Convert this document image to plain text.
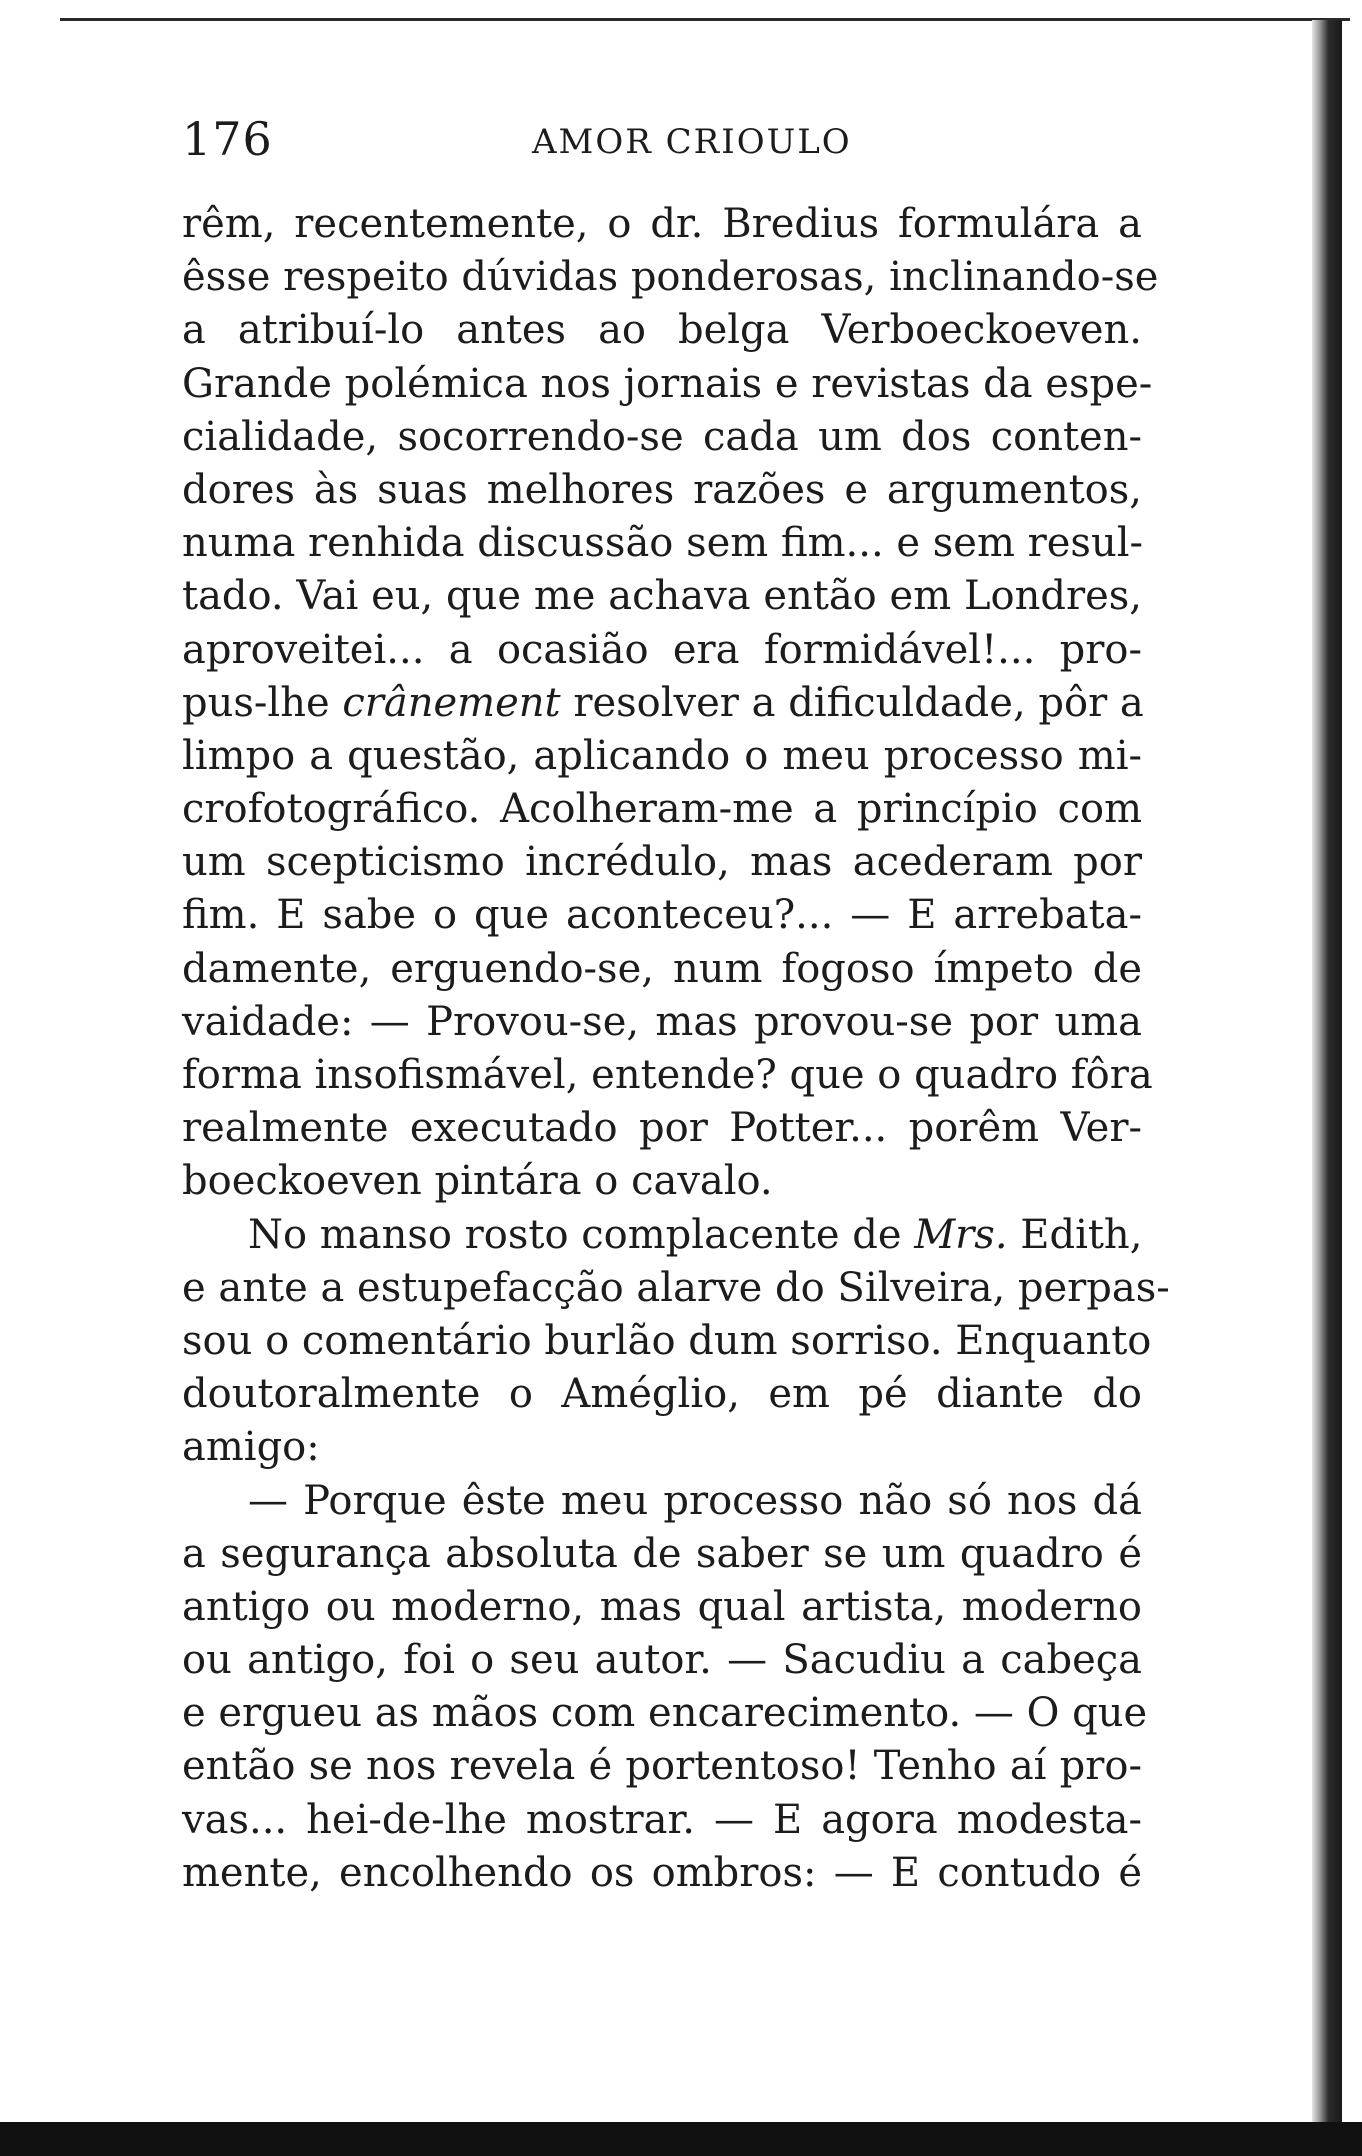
176	AMOR CRIOULO
rêm, recentemente, o dr. Bredius formulára a
êsse respeito dúvidas ponderosas, inclinando-se
a atribuí-lo antes ao belga Verboeckoeven.
Grande polémica nos jornais e revistas da espe-
cialidade, socorrendo-se cada um dos conten-
dores às suas melhores razões e argumentos,
numa renhida discussão sem fim... e sem resul-
tado. Vai eu, que me achava então em Londres,
aproveitei... a ocasião era formidável!... pro-
pus-lhe crânement resolver a dificuldade, pôr a
limpo a questão, aplicando o meu processo mi-
crofotográfico. Acolheram-me a princípio com
um scepticismo incrédulo, mas acederam por
fim. E sabe o que aconteceu?... — E arrebata-
damente, erguendo-se, num fogoso ímpeto de
vaidade: — Provou-se, mas provou-se por uma
forma insofismável, entende? que o quadro fôra
realmente executado por Potter... porêm Ver-
boeckoeven pintára o cavalo.
No manso rosto complacente de Mrs. Edith,
e ante a estupefacção alarve do Silveira, perpas-
sou o comentário burlão dum sorriso. Enquanto
doutoralmente o Améglio, em pé diante do
amigo:
— Porque êste meu processo não só nos dá
a segurança absoluta de saber se um quadro é
antigo ou moderno, mas qual artista, moderno
ou antigo, foi o seu autor. — Sacudiu a cabeça
e ergueu as mãos com encarecimento. — O que
então se nos revela é portentoso! Tenho aí pro-
vas... hei-de-lhe mostrar. — E agora modesta-
mente, encolhendo os ombros: — E contudo é
